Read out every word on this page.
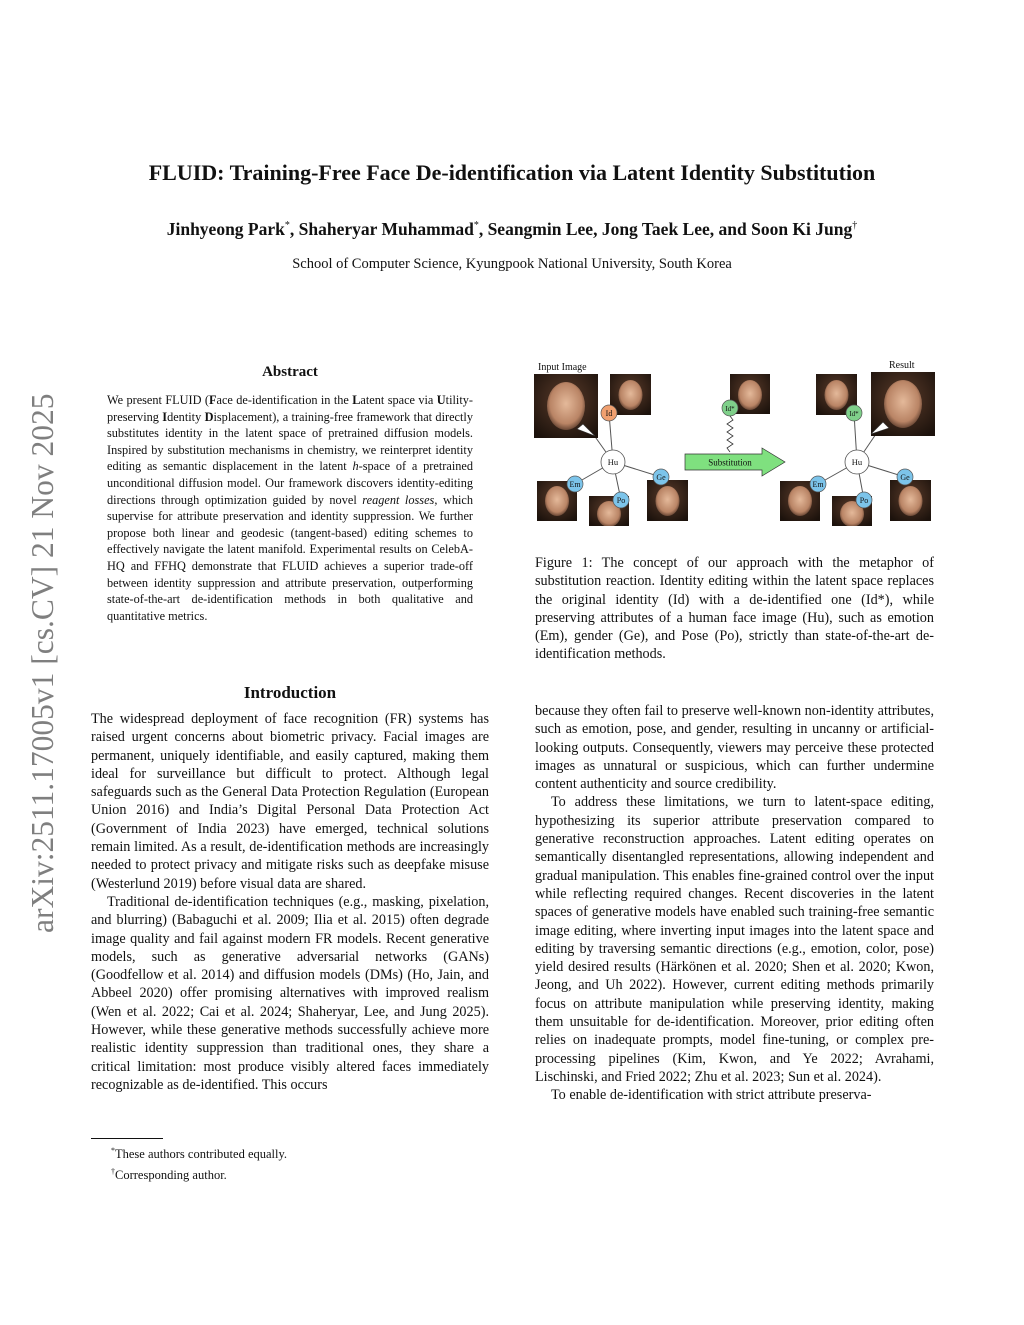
FLUID: Training-Free Face De-identification via Latent Identity Substitution
Jinhyeong Park*, Shaheryar Muhammad*, Seangmin Lee, Jong Taek Lee, and Soon Ki Jung†
School of Computer Science, Kyungpook National University, South Korea
arXiv:2511.17005v1 [cs.CV] 21 Nov 2025
Abstract
We present FLUID (Face de-identification in the Latent space via Utility-preserving Identity Displacement), a training-free framework that directly substitutes identity in the latent space of pretrained diffusion models. Inspired by substitution mechanisms in chemistry, we reinterpret identity editing as semantic displacement in the latent h-space of a pretrained unconditional diffusion model. Our framework discovers identity-editing directions through optimization guided by novel reagent losses, which supervise for attribute preservation and identity suppression. We further propose both linear and geodesic (tangent-based) editing schemes to effectively navigate the latent manifold. Experimental results on CelebA-HQ and FFHQ demonstrate that FLUID achieves a superior trade-off between identity suppression and attribute preservation, outperforming state-of-the-art de-identification methods in both qualitative and quantitative metrics.
Input Image	Result
Id
Hu
Em
Po
Ge
Id*
Substitution
Id*
Hu
Em
Po
Ge
Figure 1: The concept of our approach with the metaphor of substitution reaction. Identity editing within the latent space replaces the original identity (Id) with a de-identified one (Id*), while preserving attributes of a human face image (Hu), such as emotion (Em), gender (Ge), and Pose (Po), strictly than state-of-the-art de-identification methods.
Introduction

The widespread deployment of face recognition (FR) systems has raised urgent concerns about biometric privacy. Facial images are permanent, uniquely identifiable, and easily captured, making them ideal for surveillance but difficult to protect. Although legal safeguards such as the General Data Protection Regulation (European Union 2016) and India’s Digital Personal Data Protection Act (Government of India 2023) have emerged, technical solutions remain limited. As a result, de-identification methods are increasingly needed to protect privacy and mitigate risks such as deepfake misuse (Westerlund 2019) before visual data are shared.

Traditional de-identification techniques (e.g., masking, pixelation, and blurring) (Babaguchi et al. 2009; Ilia et al. 2015) often degrade image quality and fail against modern FR models. Recent generative models, such as generative adversarial networks (GANs) (Goodfellow et al. 2014) and diffusion models (DMs) (Ho, Jain, and Abbeel 2020) offer promising alternatives with improved realism (Wen et al. 2022; Cai et al. 2024; Shaheryar, Lee, and Jung 2025). However, while these generative methods successfully achieve more realistic identity suppression than traditional ones, they share a critical limitation: most produce visibly altered faces immediately recognizable as de-identified. This occurs

because they often fail to preserve well-known non-identity attributes, such as emotion, pose, and gender, resulting in uncanny or artificial-looking outputs. Consequently, viewers may perceive these protected images as unnatural or suspicious, which can further undermine content authenticity and source credibility.

To address these limitations, we turn to latent-space editing, hypothesizing its superior attribute preservation compared to generative reconstruction approaches. Latent editing operates on semantically disentangled representations, allowing independent and gradual manipulation. This enables fine-grained control over the input while reflecting required changes. Recent discoveries in the latent spaces of generative models have enabled such training-free semantic image editing, where inverting input images into the latent space and editing by traversing semantic directions (e.g., emotion, color, pose) yield desired results (Härkönen et al. 2020; Shen et al. 2020; Kwon, Jeong, and Uh 2022). However, current editing methods primarily focus on attribute manipulation while preserving identity, making them unsuitable for de-identification. Moreover, prior editing often relies on inadequate prompts, model fine-tuning, or complex pre-processing pipelines (Kim, Kwon, and Ye 2022; Avrahami, Lischinski, and Fried 2022; Zhu et al. 2023; Sun et al. 2024).

To enable de-identification with strict attribute preserva-

*These authors contributed equally.
†Corresponding author.
